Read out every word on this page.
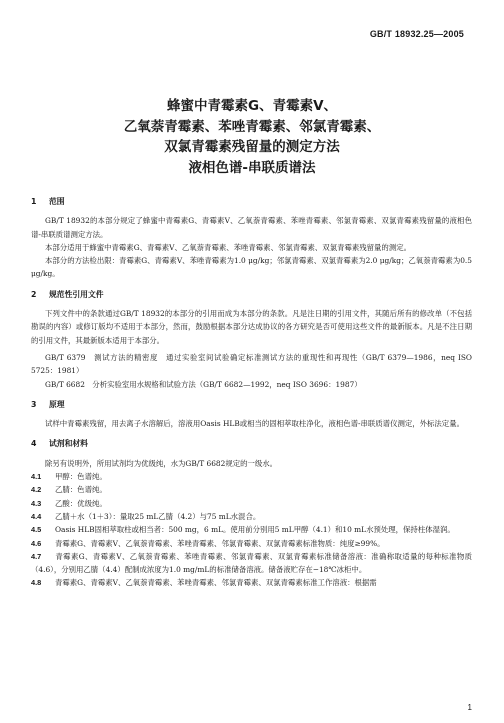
GB/T 18932.25—2005
蜂蜜中青霉素G、青霉素V、
乙氧萘青霉素、苯唑青霉素、邻氯青霉素、
双氯青霉素残留量的测定方法
液相色谱-串联质谱法
1 范围

GB/T 18932的本部分规定了蜂蜜中青霉素G、青霉素V、乙氧萘青霉素、苯唑青霉素、邻氯青霉素、双氯青霉素残留量的液相色谱-串联质谱测定方法。

本部分适用于蜂蜜中青霉素G、青霉素V、乙氧萘青霉素、苯唑青霉素、邻氯青霉素、双氯青霉素残留量的测定。

本部分的方法检出限：青霉素G、青霉素V、苯唑青霉素为1.0 μg/kg；邻氯青霉素、双氯青霉素为2.0 μg/kg；乙氧萘青霉素为0.5 μg/kg。

2 规范性引用文件

下列文件中的条款通过GB/T 18932的本部分的引用而成为本部分的条款。凡是注日期的引用文件，其随后所有的修改单（不包括勘误的内容）或修订版均不适用于本部分，然而，鼓励根据本部分达成协议的各方研究是否可使用这些文件的最新版本。凡是不注日期的引用文件，其最新版本适用于本部分。

GB/T 6379　测试方法的精密度　通过实验室间试验确定标准测试方法的重现性和再现性（GB/T 6379—1986，neq ISO 5725：1981）

GB/T 6682　分析实验室用水规格和试验方法（GB/T 6682—1992，neq ISO 3696：1987）

3 原理

试样中青霉素残留，用去离子水溶解后，溶液用Oasis HLB或相当的固相萃取柱净化，液相色谱-串联质谱仪测定，外标法定量。

4 试剂和材料

除另有说明外，所用试剂均为优级纯，水为GB/T 6682规定的一级水。

4.1 甲醇：色谱纯。

4.2 乙腈：色谱纯。

4.3 乙酸：优级纯。

4.4 乙腈＋水（1＋3）：量取25 mL乙腈（4.2）与75 mL水混合。

4.5 Oasis HLB固相萃取柱或相当者：500 mg，6 mL。使用前分别用5 mL甲醇（4.1）和10 mL水预处理，保持柱体湿润。

4.6 青霉素G、青霉素V、乙氧萘青霉素、苯唑青霉素、邻氯青霉素、双氯青霉素标准物质：纯度≥99%。

4.7 青霉素G、青霉素V、乙氧萘青霉素、苯唑青霉素、邻氯青霉素、双氯青霉素标准储备溶液：准确称取适量的每种标准物质（4.6），分别用乙腈（4.4）配制成浓度为1.0 mg/mL的标准储备溶液。储备液贮存在−18℃冰柜中。

4.8 青霉素G、青霉素V、乙氧萘青霉素、苯唑青霉素、邻氯青霉素、双氯青霉素标准工作溶液：根据需

1
